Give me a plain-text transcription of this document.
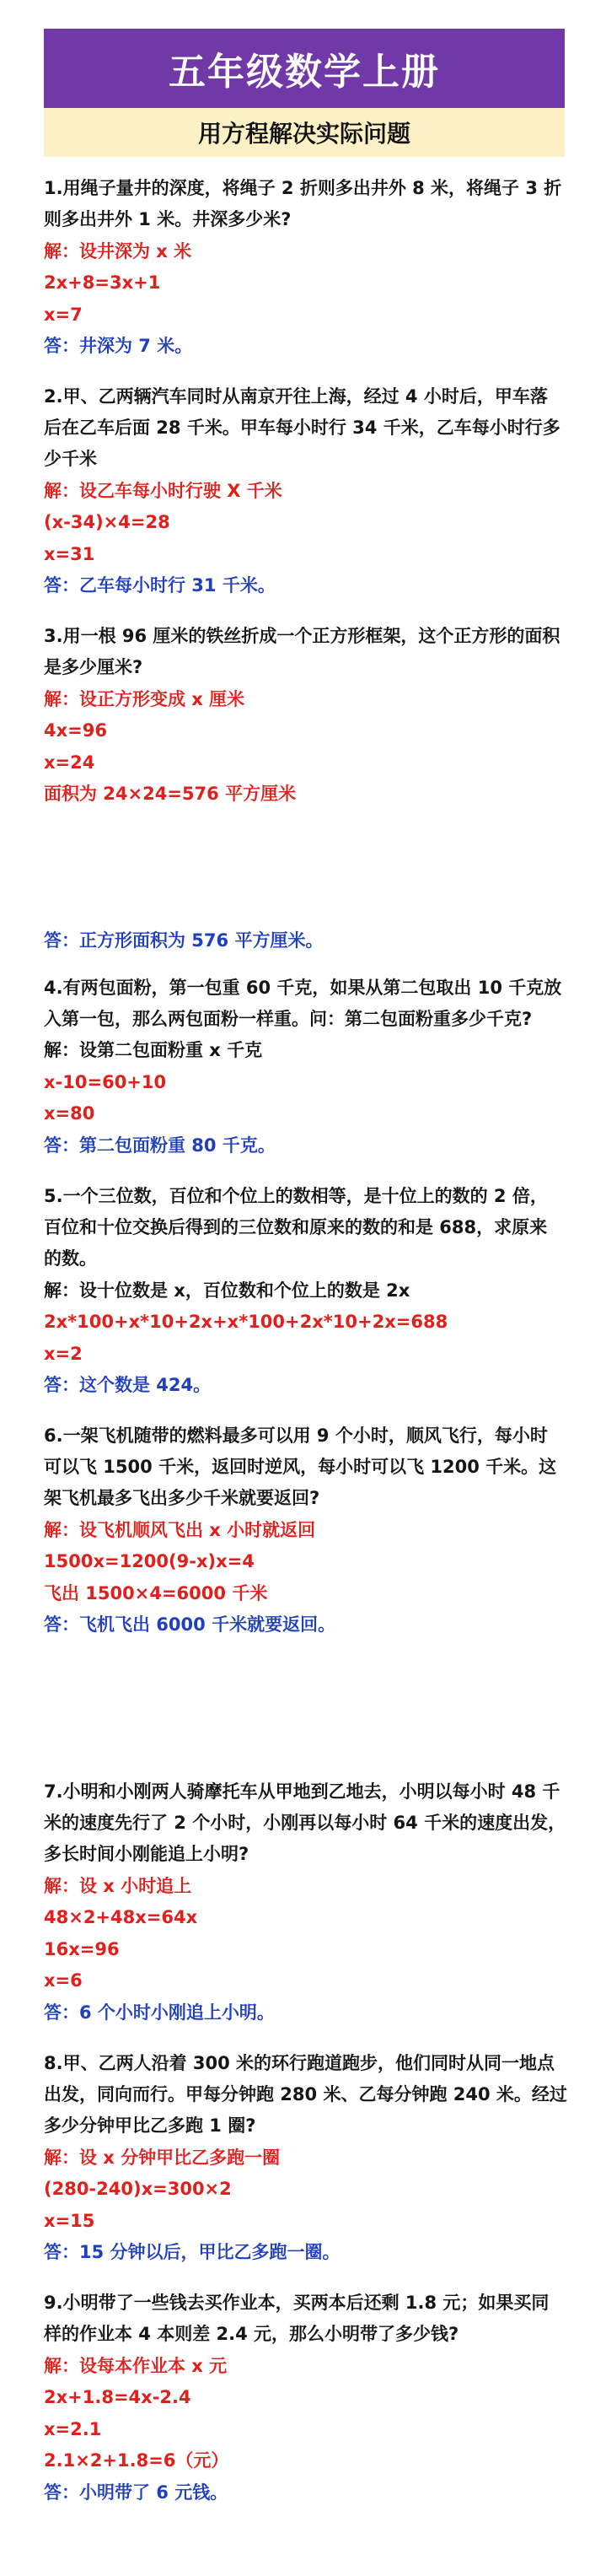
五年级数学上册
用方程解决实际问题
1.用绳子量井的深度，将绳子 2 折则多出井外 8 米，将绳子 3 折
则多出井外 1 米。井深多少米?
解：设井深为 x 米
2x+8=3x+1
x=7
答：井深为 7 米。
2.甲、乙两辆汽车同时从南京开往上海，经过 4 小时后，甲车落
后在乙车后面 28 千米。甲车每小时行 34 千米，乙车每小时行多
少千米
解：设乙车每小时行驶 X 千米
(x-34)×4=28
x=31
答：乙车每小时行 31 千米。
3.用一根 96 厘米的铁丝折成一个正方形框架，这个正方形的面积
是多少厘米?
解：设正方形变成 x 厘米
4x=96
x=24
面积为 24×24=576 平方厘米
答：正方形面积为 576 平方厘米。
4.有两包面粉，第一包重 60 千克，如果从第二包取出 10 千克放
入第一包，那么两包面粉一样重。问：第二包面粉重多少千克?
解：设第二包面粉重 x 千克
x-10=60+10
x=80
答：第二包面粉重 80 千克。
5.一个三位数，百位和个位上的数相等，是十位上的数的 2 倍，
百位和十位交换后得到的三位数和原来的数的和是 688，求原来
的数。
解：设十位数是 x，百位数和个位上的数是 2x
2x*100+x*10+2x+x*100+2x*10+2x=688
x=2
答：这个数是 424。
6.一架飞机随带的燃料最多可以用 9 个小时，顺风飞行，每小时
可以飞 1500 千米，返回时逆风，每小时可以飞 1200 千米。这
架飞机最多飞出多少千米就要返回?
解：设飞机顺风飞出 x 小时就返回
1500x=1200(9-x)x=4
飞出 1500×4=6000 千米
答：飞机飞出 6000 千米就要返回。
7.小明和小刚两人骑摩托车从甲地到乙地去，小明以每小时 48 千
米的速度先行了 2 个小时，小刚再以每小时 64 千米的速度出发，
多长时间小刚能追上小明?
解：设 x 小时追上
48×2+48x=64x
16x=96
x=6
答：6 个小时小刚追上小明。
8.甲、乙两人沿着 300 米的环行跑道跑步，他们同时从同一地点
出发，同向而行。甲每分钟跑 280 米、乙每分钟跑 240 米。经过
多少分钟甲比乙多跑 1 圈?
解：设 x 分钟甲比乙多跑一圈
(280-240)x=300×2
x=15
答：15 分钟以后，甲比乙多跑一圈。
9.小明带了一些钱去买作业本，买两本后还剩 1.8 元；如果买同
样的作业本 4 本则差 2.4 元，那么小明带了多少钱?
解：设每本作业本 x 元
2x+1.8=4x-2.4
x=2.1
2.1×2+1.8=6（元）
答：小明带了 6 元钱。
